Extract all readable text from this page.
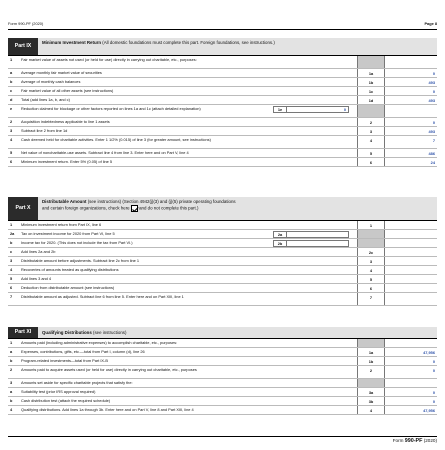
Form 990-PF (2020)	Page 8
Part IX
Minimum Investment Return (All domestic foundations must complete this part. Foreign foundations, see instructions.)
1	Fair market value of assets not used (or held for use) directly in carrying out charitable, etc., purposes:
a	Average monthly fair market value of securities	1a	0
b	Average of monthly cash balances	1b	493
c	Fair market value of all other assets (see instructions)	1c	0
d	Total (add lines 1a, b, and c)	1d	493
e	Reduction claimed for blockage or other factors reported on lines 1a and 1c (attach detailed explanation)	1e	0
2	Acquisition indebtedness applicable to line 1 assets	2	0
3	Subtract line 2 from line 1d	3	493
4	Cash deemed held for charitable activities. Enter 1 1/2% (0.015) of line 3 (for greater amount, see instructions)	4	7
5	Net value of noncharitable-use assets. Subtract line 4 from line 3. Enter here and on Part V, line 4	5	486
6	Minimum investment return. Enter 5% (0.05) of line 5	6	24
Part X
Distributable Amount (see instructions) (Section 4942(j)(3) and (j)(5) private operating foundations
and certain foreign organizations, check here and do not complete this part.)
1	Minimum investment return from Part IX, line 6	1
2a	Tax on investment income for 2020 from Part VI, line 5	2a
b	Income tax for 2020. (This does not include the tax from Part VI.)	2b
c	Add lines 2a and 2b	2c
3	Distributable amount before adjustments. Subtract line 2c from line 1	3
4	Recoveries of amounts treated as qualifying distributions	4
5	Add lines 3 and 4	5
6	Deduction from distributable amount (see instructions)	6
7	Distributable amount as adjusted. Subtract line 6 from line 5. Enter here and on Part XIII, line 1	7
Part XI	Qualifying Distributions (see instructions)
1	Amounts paid (including administrative expenses) to accomplish charitable, etc., purposes:
a	Expenses, contributions, gifts, etc.—total from Part I, column (d), line 26	1a	47,956
b	Program-related investments—total from Part IX-B	1b	0
2	Amounts paid to acquire assets used (or held for use) directly in carrying out charitable, etc., purposes	2	0
3	Amounts set aside for specific charitable projects that satisfy the:
a	Suitability test (prior IRS approval required)	3a	0
b	Cash distribution test (attach the required schedule)	3b	0
4	Qualifying distributions. Add lines 1a through 3b. Enter here and on Part V, line 8 and Part XIII, line 4	4	47,956
Form 990-PF (2020)
